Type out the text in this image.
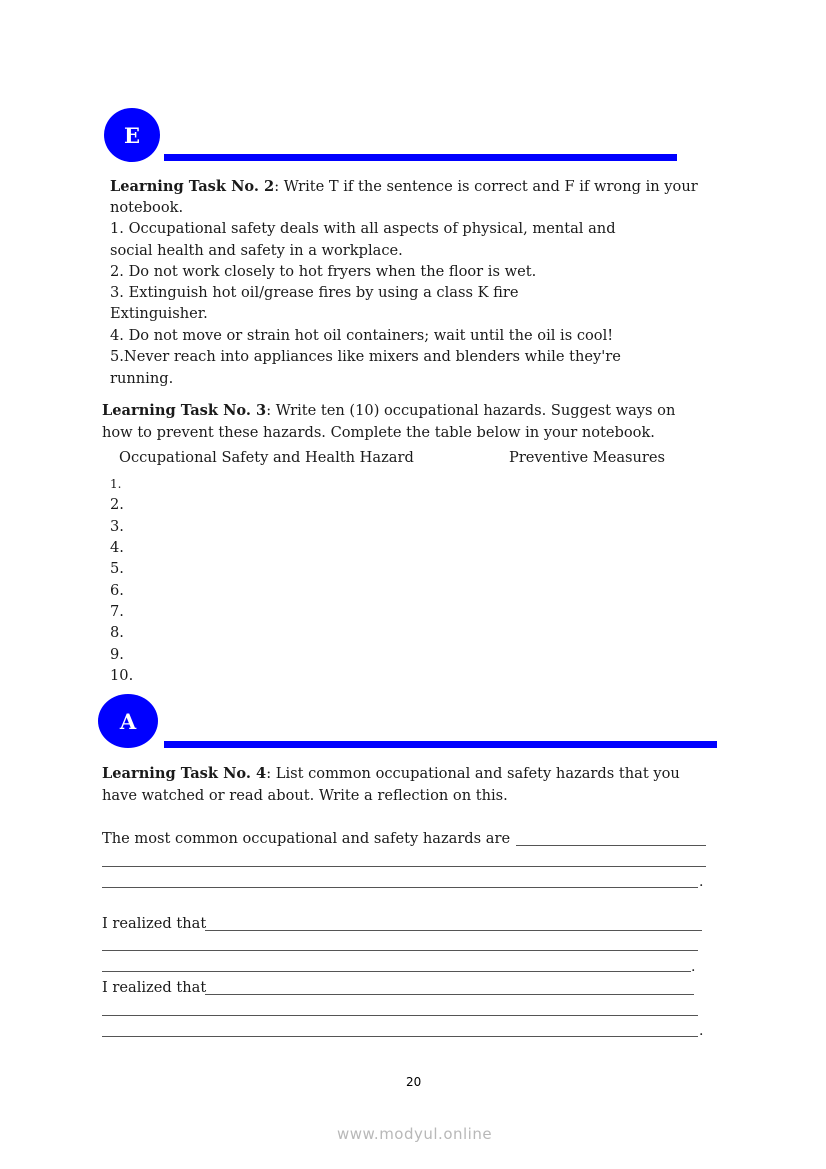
E
Learning Task No. 2: Write T if the sentence is correct and F if wrong in your
notebook.
1. Occupational safety deals with all aspects of physical, mental and
social health and safety in a workplace.
2. Do not work closely to hot fryers when the floor is wet.
3. Extinguish hot oil/grease fires by using a class K fire
Extinguisher.
4. Do not move or strain hot oil containers; wait until the oil is cool!
5.Never reach into appliances like mixers and blenders while they're
running.
Learning Task No. 3: Write ten (10) occupational hazards. Suggest ways on
how to prevent these hazards. Complete the table below in your notebook.
Occupational Safety and Health Hazard	Preventive Measures
1.
2.
3.
4.
5.
6.
7.
8.
9.
10.
A
Learning Task No. 4: List common occupational and safety hazards that you
have watched or read about. Write a reflection on this.
The most common occupational and safety hazards are
.
I realized that
.
I realized that
.
20
www.modyul.online
